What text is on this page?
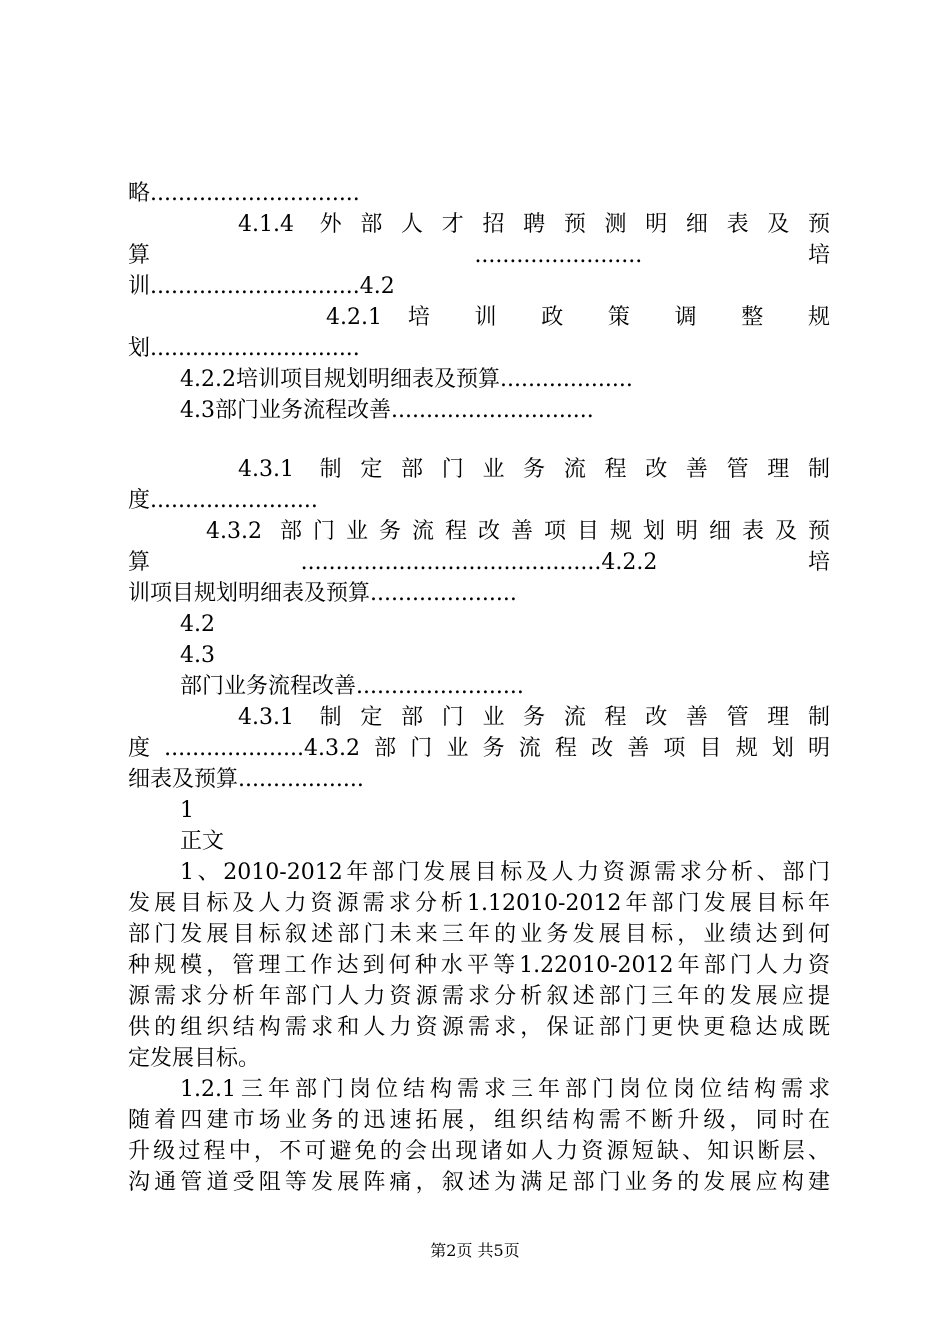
略..............................
4.1.4 外部人才招聘预测明细表及预
算 ........................ 培
训..............................4.2
4.2.1 培 训 政 策 调 整 规
划..............................
4.2.2培训项目规划明细表及预算...................
4.3部门业务流程改善.............................
4.3.1 制定部门业务流程改善管理制
度........................
4.3.2 部门业务流程改善项目规划明细表及预
算...........................................4.2.2培
训项目规划明细表及预算.....................
4.2
4.3
部门业务流程改善........................
4.3.1 制定部门业务流程改善管理制
度....................4.3.2部门业务流程改善项目规划明
细表及预算..................
1
正文
1、2010-2012年部门发展目标及人力资源需求分析、部门
发展目标及人力资源需求分析1.12010-2012年部门发展目标年
部门发展目标叙述部门未来三年的业务发展目标，业绩达到何
种规模，管理工作达到何种水平等1.22010-2012年部门人力资
源需求分析年部门人力资源需求分析叙述部门三年的发展应提
供的组织结构需求和人力资源需求，保证部门更快更稳达成既
定发展目标。
1.2.1三年部门岗位结构需求三年部门岗位岗位结构需求
随着四建市场业务的迅速拓展，组织结构需不断升级，同时在
升级过程中，不可避免的会出现诸如人力资源短缺、知识断层、
沟通管道受阻等发展阵痛，叙述为满足部门业务的发展应构建
第2页 共5页
